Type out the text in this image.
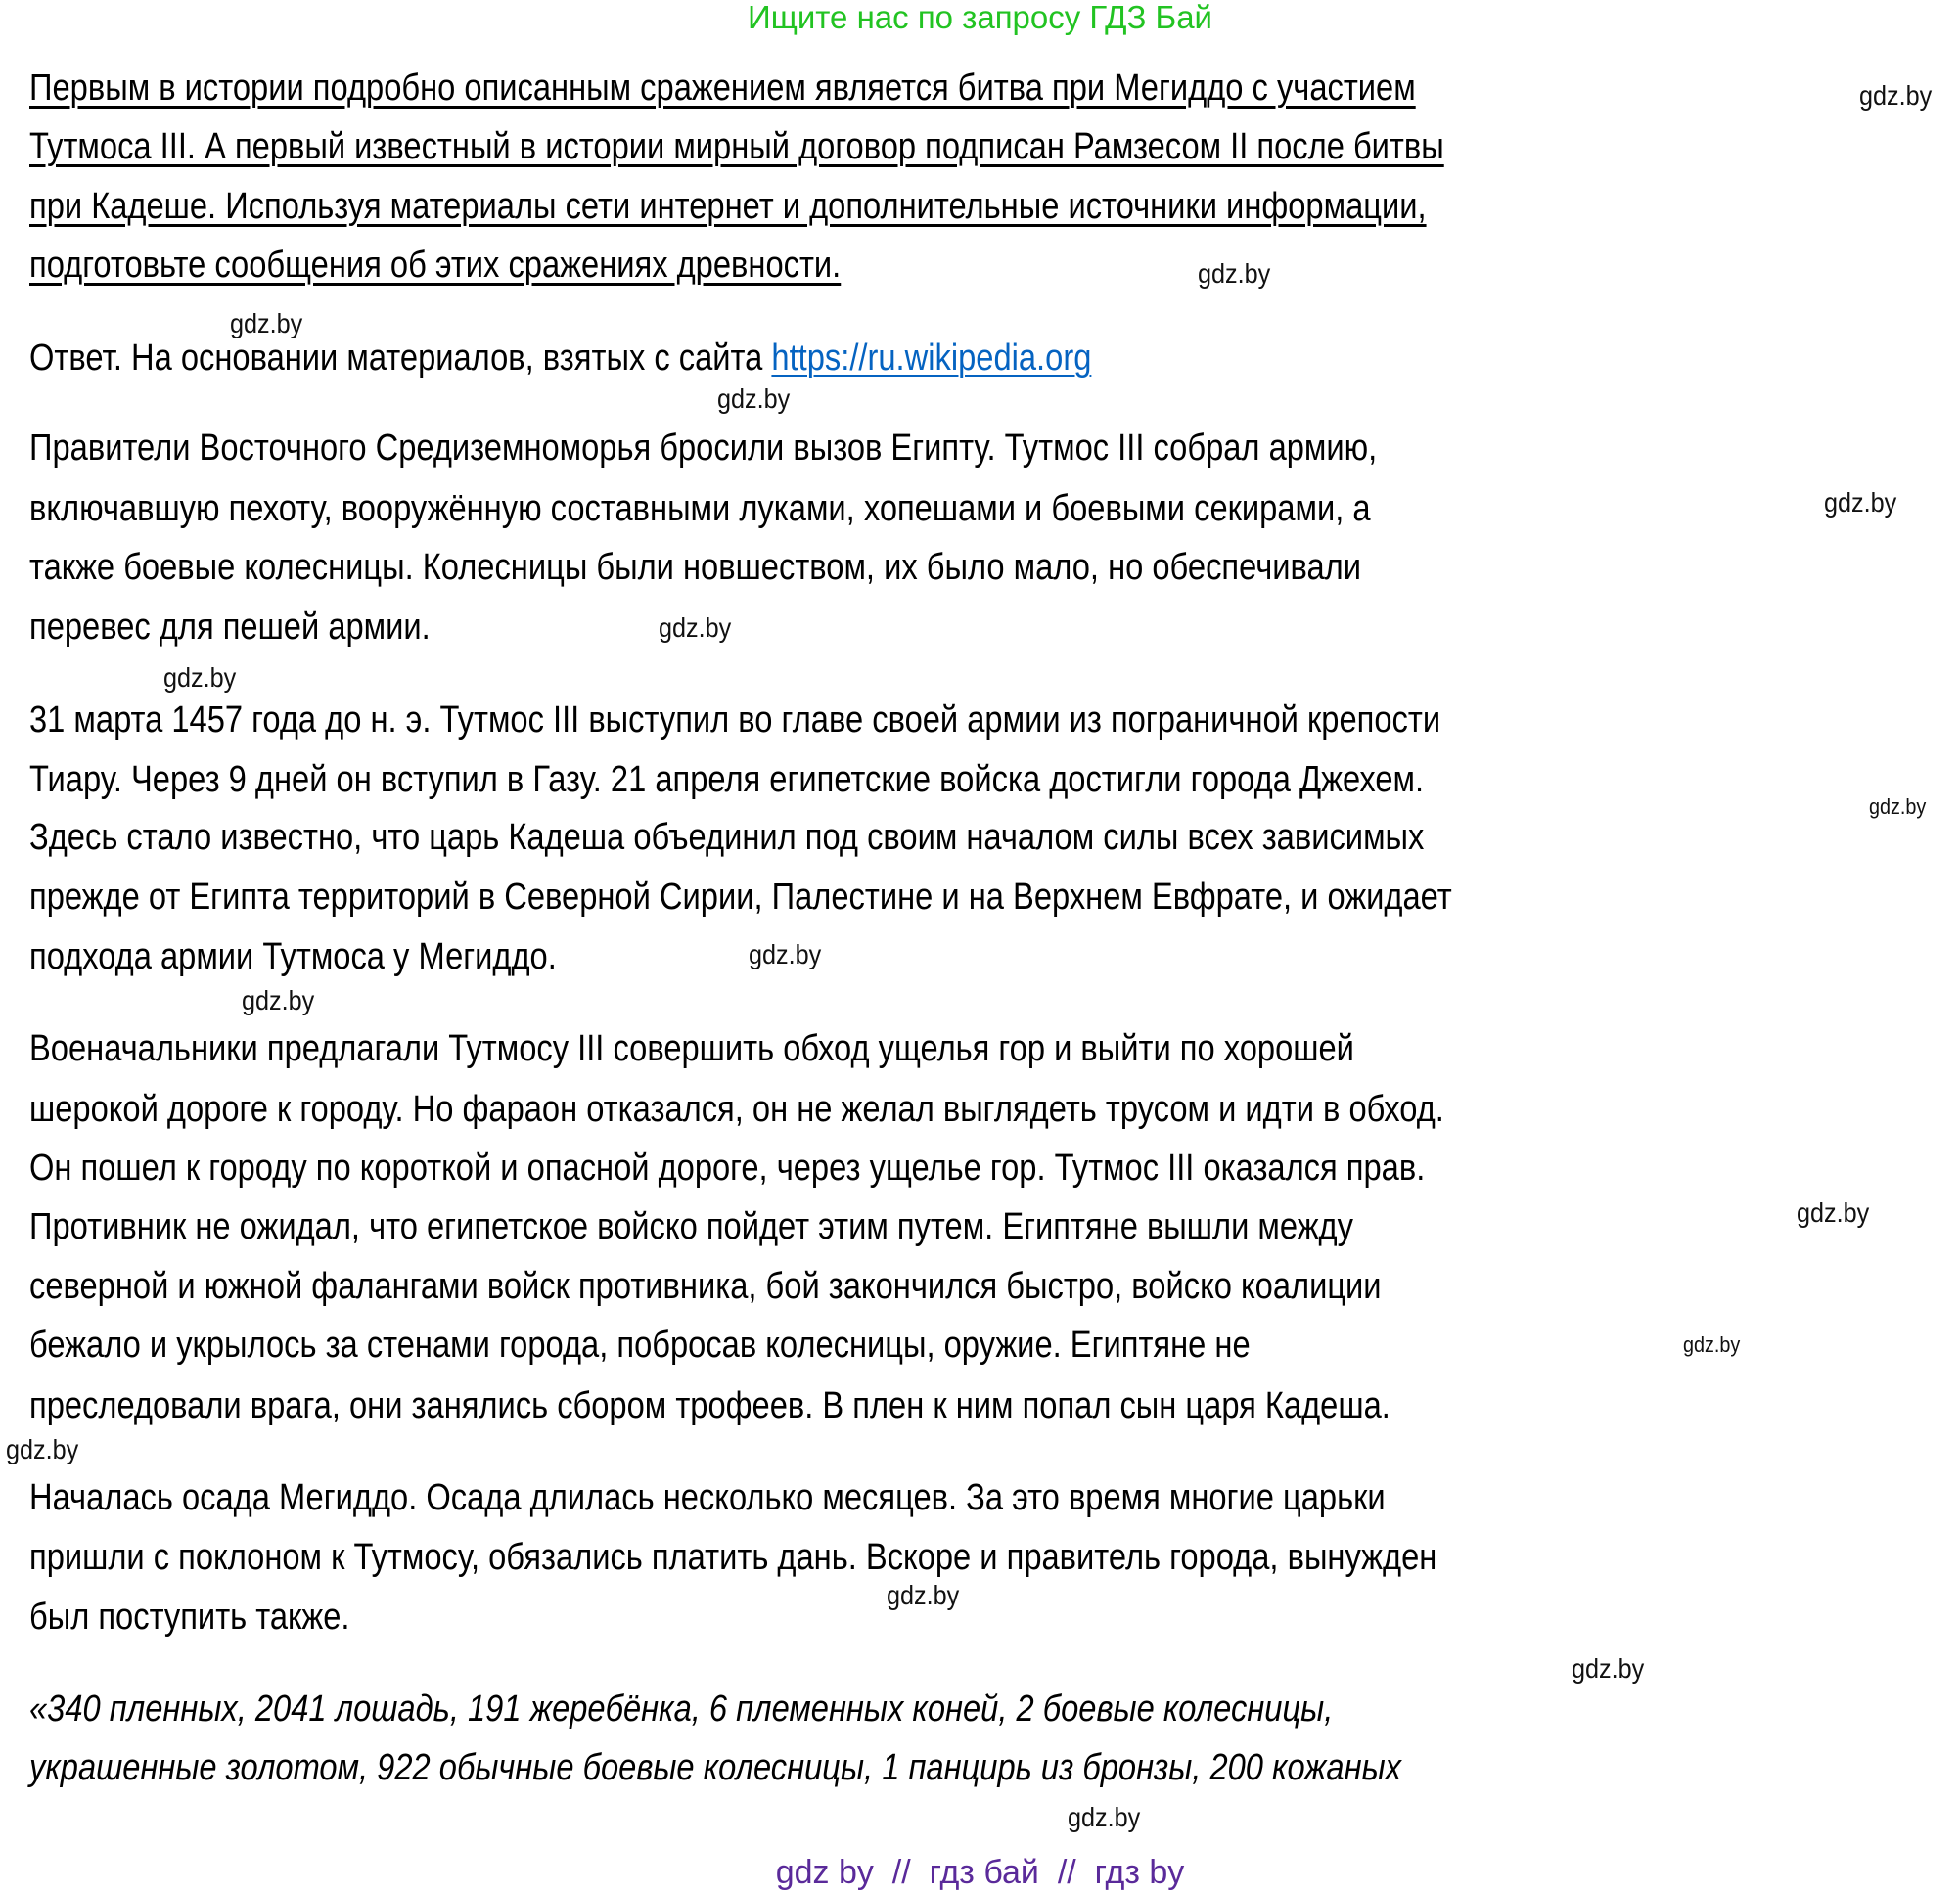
Ищите нас по запросу ГДЗ Бай
Первым в истории подробно описанным сражением является битва при Мегиддо с участием
Тутмоса III. А первый известный в истории мирный договор подписан Рамзесом II после битвы
при Кадеше. Используя материалы сети интернет и дополнительные источники информации,
подготовьте сообщения об этих сражениях древности.
Ответ. На основании материалов, взятых с сайта https://ru.wikipedia.org
Правители Восточного Средиземноморья бросили вызов Египту. Тутмос III собрал армию,
включавшую пехоту, вооружённую составными луками, хопешами и боевыми секирами, а
также боевые колесницы. Колесницы были новшеством, их было мало, но обеспечивали
перевес для пешей армии.
31 марта 1457 года до н. э. Тутмос III выступил во главе своей армии из пограничной крепости
Тиару. Через 9 дней он вступил в Газу. 21 апреля египетские войска достигли города Джехем.
Здесь стало известно, что царь Кадеша объединил под своим началом силы всех зависимых
прежде от Египта территорий в Северной Сирии, Палестине и на Верхнем Евфрате, и ожидает
подхода армии Тутмоса у Мегиддо.
Военачальники предлагали Тутмосу III совершить обход ущелья гор и выйти по хорошей
шерокой дороге к городу. Но фараон отказался, он не желал выглядеть трусом и идти в обход.
Он пошел к городу по короткой и опасной дороге, через ущелье гор. Тутмос III оказался прав.
Противник не ожидал, что египетское войско пойдет этим путем. Египтяне вышли между
северной и южной фалангами войск противника, бой закончился быстро, войско коалиции
бежало и укрылось за стенами города, побросав колесницы, оружие. Египтяне не
преследовали врага, они занялись сбором трофеев. В плен к ним попал сын царя Кадеша.
Началась осада Мегиддо. Осада длилась несколько месяцев. За это время многие царьки
пришли с поклоном к Тутмосу, обязались платить дань. Вскоре и правитель города, вынужден
был поступить также.
«340 пленных, 2041 лошадь, 191 жеребёнка, 6 племенных коней, 2 боевые колесницы,
украшенные золотом, 922 обычные боевые колесницы, 1 панцирь из бронзы, 200 кожаных
gdz.by
gdz.by
gdz.by
gdz.by
gdz.by
gdz.by
gdz.by
gdz.by
gdz.by
gdz.by
gdz.by
gdz.by
gdz.by
gdz.by
gdz.by
gdz.by
gdz by  //  гдз бай  //  гдз by
